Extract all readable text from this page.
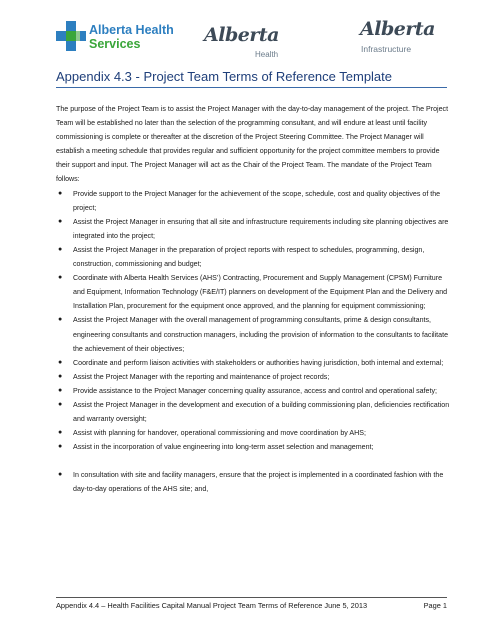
Alberta Health
Services	Alberta
Health
Alberta
Infrastructure
Appendix 4.3 - Project Team Terms of Reference Template

The purpose of the Project Team is to assist the Project Manager with the day-to-day management of the project. The Project Team will be established no later than the selection of the programming consultant, and will endure at least until facility commissioning is complete or thereafter at the discretion of the Project Steering Committee. The Project Manager will establish a meeting schedule that provides regular and sufficient opportunity for the project committee members to provide their support and input. The Project Manager will act as the Chair of the Project Team. The mandate of the Project Team follows:

● Provide support to the Project Manager for the achievement of the scope, schedule, cost and quality objectives of the project;
● Assist the Project Manager in ensuring that all site and infrastructure requirements including site planning objectives are integrated into the project;
● Assist the Project Manager in the preparation of project reports with respect to schedules, programming, design, construction, commissioning and budget;
● Coordinate with Alberta Health Services (AHS’) Contracting, Procurement and Supply Management (CPSM) Furniture and Equipment, Information Technology (F&E/IT) planners on development of the Equipment Plan and the Delivery and Installation Plan, procurement for the equipment once approved, and the planning for equipment commissioning;
● Assist the Project Manager with the overall management of programming consultants, prime & design consultants, engineering consultants and construction managers, including the provision of information to the consultants to facilitate the achievement of their objectives;
● Coordinate and perform liaison activities with stakeholders or authorities having jurisdiction, both internal and external;
● Assist the Project Manager with the reporting and maintenance of project records;
● Provide assistance to the Project Manager concerning quality assurance, access and control and operational safety;
● Assist the Project Manager in the development and execution of a building commissioning plan, deficiencies rectification and warranty oversight;
● Assist with planning for handover, operational commissioning and move coordination by AHS;
● Assist in the incorporation of value engineering into long-term asset selection and management;
● In consultation with site and facility managers, ensure that the project is implemented in a coordinated fashion with the day-to-day operations of the AHS site; and,
Appendix 4.4 – Health Facilities Capital Manual Project Team Terms of Reference June 5, 2013	Page 1
